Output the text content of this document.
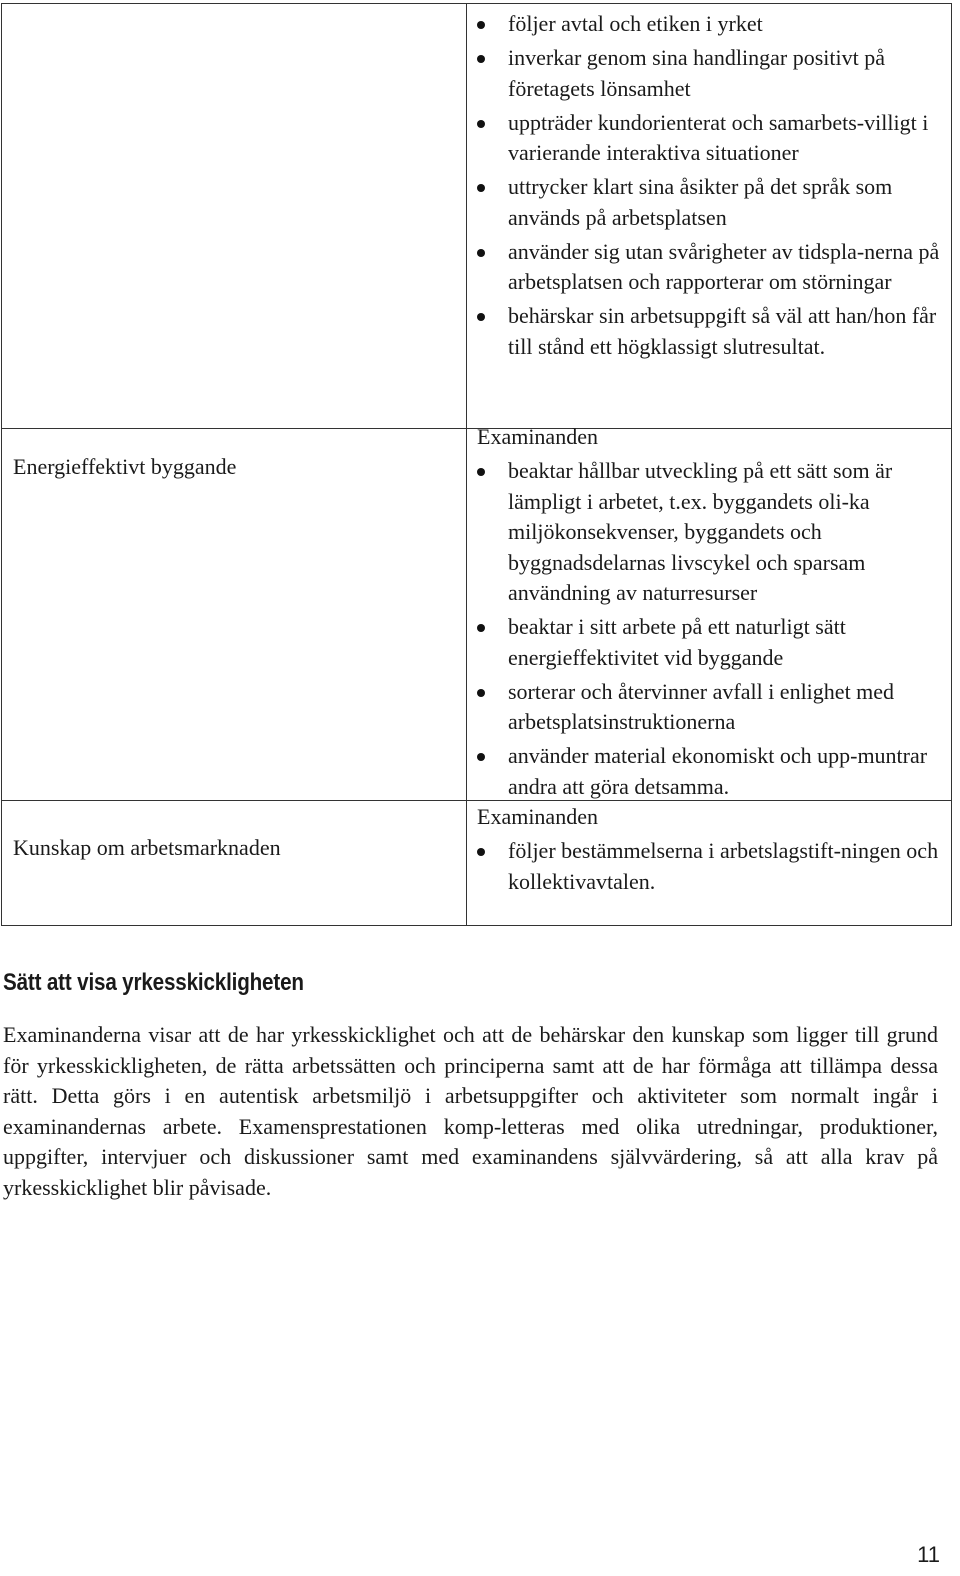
följer avtal och etiken i yrket
inverkar genom sina handlingar positivt på företagets lönsamhet
uppträder kundorienterat och samarbets-villigt i varierande interaktiva situationer
uttrycker klart sina åsikter på det språk som används på arbetsplatsen
använder sig utan svårigheter av tidspla-nerna på arbetsplatsen och rapporterar om störningar
behärskar sin arbetsuppgift så väl att han/hon får till stånd ett högklassigt slutresultat.
Energieffektivt byggande
Examinanden
beaktar hållbar utveckling på ett sätt som är lämpligt i arbetet, t.ex. byggandets oli-ka miljökonsekvenser, byggandets och byggnadsdelarnas livscykel och sparsam användning av naturresurser
beaktar i sitt arbete på ett naturligt sätt energieffektivitet vid byggande
sorterar och återvinner avfall i enlighet med arbetsplatsinstruktionerna
använder material ekonomiskt och upp-muntrar andra att göra detsamma.
Kunskap om arbetsmarknaden
Examinanden
följer bestämmelserna i arbetslagstift-ningen och kollektivavtalen.
Sätt att visa yrkesskickligheten

Examinanderna visar att de har yrkesskicklighet och att de behärskar den kunskap som ligger till grund för yrkesskickligheten, de rätta arbetssätten och principerna samt att de har förmåga att tillämpa dessa rätt. Detta görs i en autentisk arbetsmiljö i arbetsuppgifter och aktiviteter som normalt ingår i examinandernas arbete. Examensprestationen komp-letteras med olika utredningar, produktioner, uppgifter, intervjuer och diskussioner samt med examinandens självvärdering, så att alla krav på yrkesskicklighet blir påvisade.

11
